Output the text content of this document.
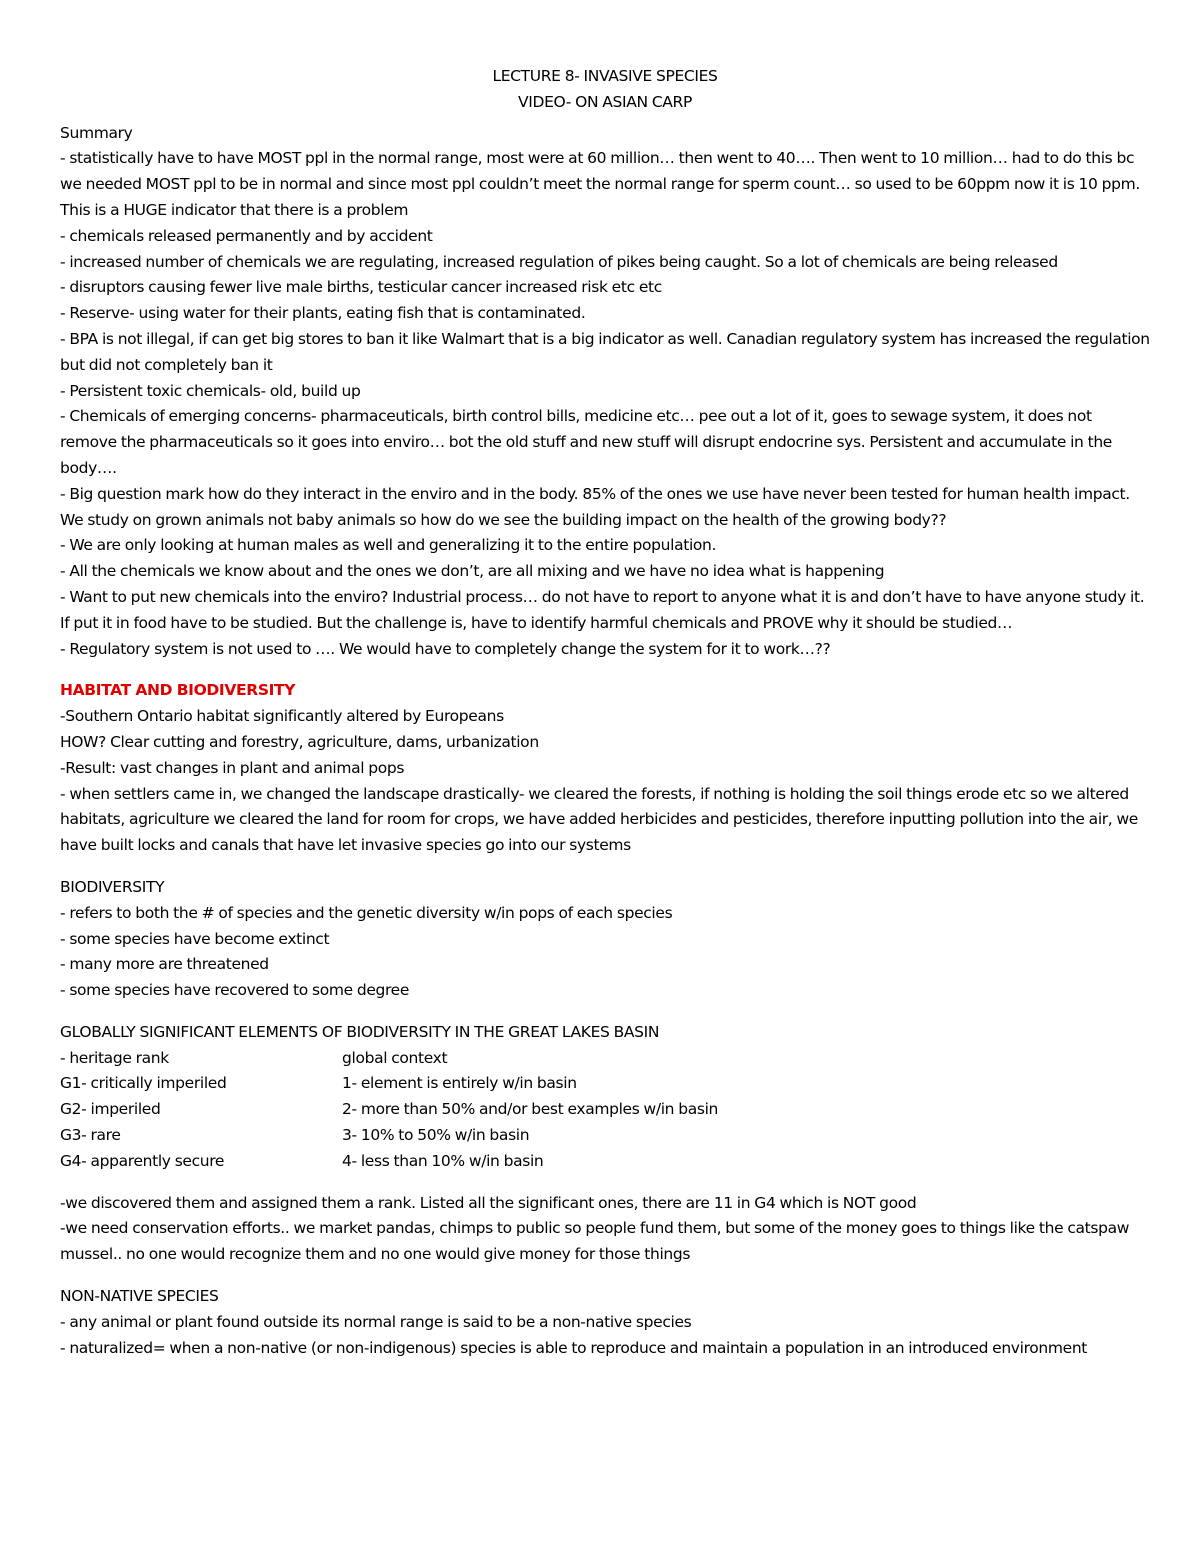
LECTURE 8- INVASIVE SPECIES
VIDEO- ON ASIAN CARP
Summary
- statistically have to have MOST ppl in the normal range, most were at 60 million… then went to 40…. Then went to 10 million… had to do this bc we needed MOST ppl to be in normal and since most ppl couldn’t meet the normal range for sperm count… so used to be 60ppm now it is 10 ppm. This is a HUGE indicator that there is a problem
- chemicals released permanently and by accident
- increased number of chemicals we are regulating, increased regulation of pikes being caught. So a lot of chemicals are being released
- disruptors causing fewer live male births, testicular cancer increased risk etc etc
- Reserve- using water for their plants, eating fish that is contaminated.
- BPA is not illegal, if can get big stores to ban it like Walmart that is a big indicator as well. Canadian regulatory system has increased the regulation but did not completely ban it
- Persistent toxic chemicals- old, build up
- Chemicals of emerging concerns- pharmaceuticals, birth control bills, medicine etc… pee out a lot of it, goes to sewage system, it does not remove the pharmaceuticals so it goes into enviro… bot the old stuff and new stuff will disrupt endocrine sys. Persistent and accumulate in the body….
- Big question mark how do they interact in the enviro and in the body. 85% of the ones we use have never been tested for human health impact. We study on grown animals not baby animals so how do we see the building impact on the health of the growing body??
- We are only looking at human males as well and generalizing it to the entire population.
- All the chemicals we know about and the ones we don’t, are all mixing and we have no idea what is happening
- Want to put new chemicals into the enviro? Industrial process… do not have to report to anyone what it is and don’t have to have anyone study it. If put it in food have to be studied. But the challenge is, have to identify harmful chemicals and PROVE why it should be studied…
- Regulatory system is not used to …. We would have to completely change the system for it to work…??
HABITAT AND BIODIVERSITY
-Southern Ontario habitat significantly altered by Europeans
HOW? Clear cutting and forestry, agriculture, dams, urbanization
-Result: vast changes in plant and animal pops
- when settlers came in, we changed the landscape drastically- we cleared the forests, if nothing is holding the soil things erode etc so we altered habitats, agriculture we cleared the land for room for crops, we have added herbicides and pesticides, therefore inputting pollution into the air, we have built locks and canals that have let invasive species go into our systems
BIODIVERSITY
- refers to both the # of species and the genetic diversity w/in pops of each species
- some species have become extinct
- many more are threatened
- some species have recovered to some degree
GLOBALLY SIGNIFICANT ELEMENTS OF BIODIVERSITY IN THE GREAT LAKES BASIN
- heritage rank	global context
G1- critically imperiled	1- element is entirely w/in basin
G2- imperiled	2- more than 50% and/or best examples w/in basin
G3- rare	3- 10% to 50% w/in basin
G4- apparently secure	4- less than 10% w/in basin
-we discovered them and assigned them a rank. Listed all the significant ones, there are 11 in G4 which is NOT good
-we need conservation efforts.. we market pandas, chimps to public so people fund them, but some of the money goes to things like the catspaw mussel.. no one would recognize them and no one would give money for those things
NON-NATIVE SPECIES
- any animal or plant found outside its normal range is said to be a non-native species
- naturalized= when a non-native (or non-indigenous) species is able to reproduce and maintain a population in an introduced environment
